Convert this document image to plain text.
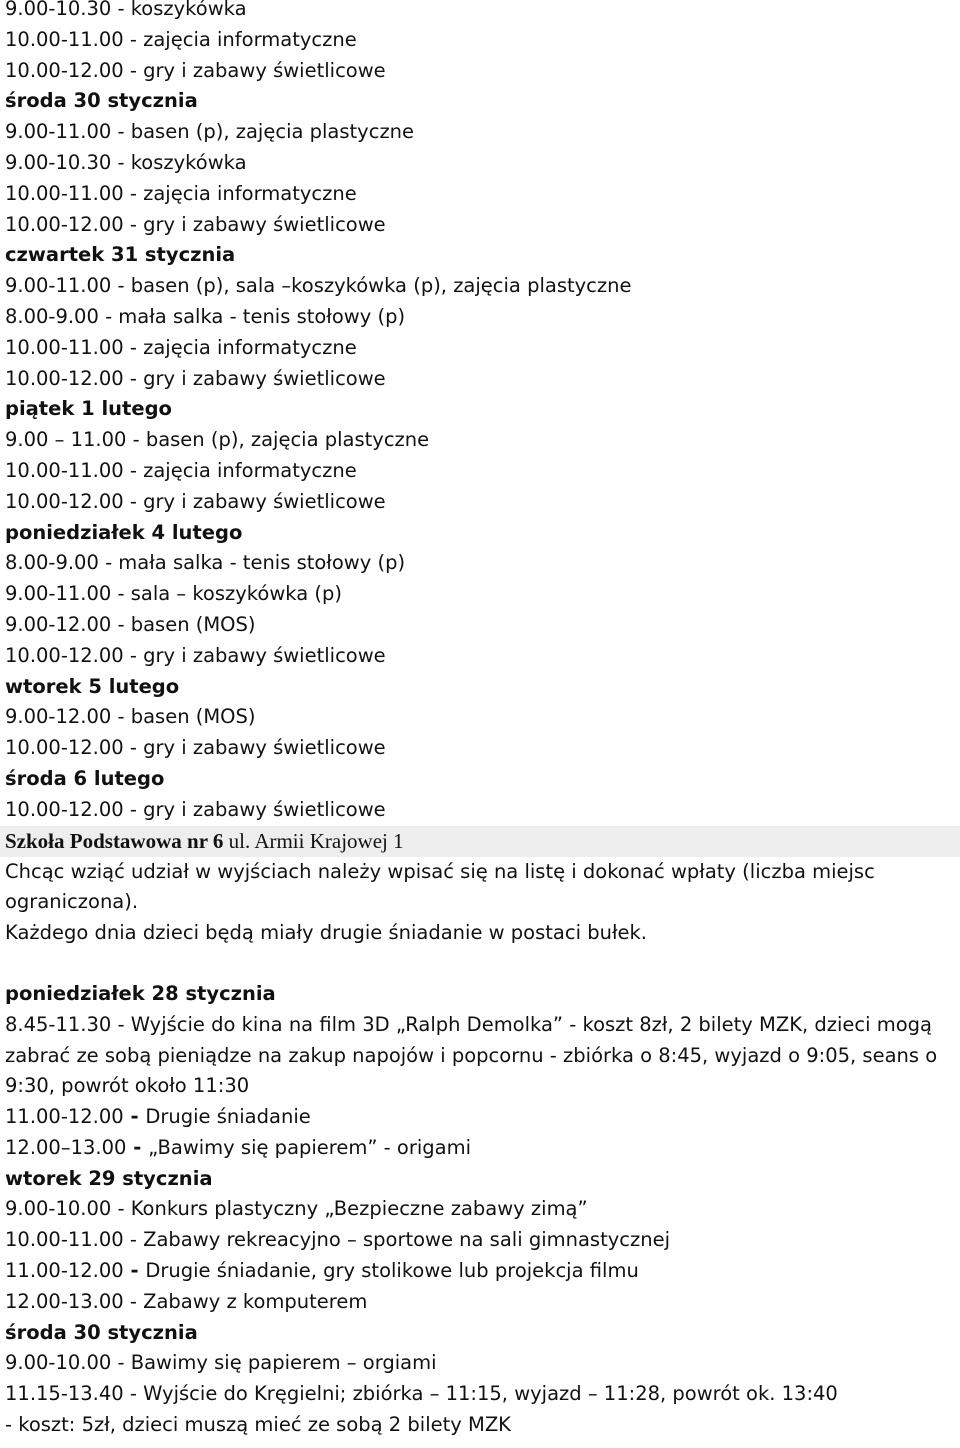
9.00-10.30 - koszykówka
10.00-11.00 - zajęcia informatyczne
10.00-12.00 - gry i zabawy świetlicowe
środa 30 stycznia
9.00-11.00 - basen (p), zajęcia plastyczne
9.00-10.30 - koszykówka
10.00-11.00 - zajęcia informatyczne
10.00-12.00 - gry i zabawy świetlicowe
czwartek 31 stycznia
9.00-11.00 - basen (p), sala –koszykówka (p), zajęcia plastyczne
8.00-9.00 - mała salka - tenis stołowy (p)
10.00-11.00 - zajęcia informatyczne
10.00-12.00 - gry i zabawy świetlicowe
piątek 1 lutego
9.00 – 11.00 - basen (p), zajęcia plastyczne
10.00-11.00 - zajęcia informatyczne
10.00-12.00 - gry i zabawy świetlicowe
poniedziałek 4 lutego
8.00-9.00 - mała salka - tenis stołowy (p)
9.00-11.00 - sala – koszykówka (p)
9.00-12.00 - basen (MOS)
10.00-12.00 - gry i zabawy świetlicowe
wtorek 5 lutego
9.00-12.00 - basen (MOS)
10.00-12.00 - gry i zabawy świetlicowe
środa 6 lutego
10.00-12.00 - gry i zabawy świetlicowe
Szkoła Podstawowa nr 6 ul. Armii Krajowej 1
Chcąc wziąć udział w wyjściach należy wpisać się na listę i dokonać wpłaty (liczba miejsc ograniczona).
Każdego dnia dzieci będą miały drugie śniadanie w postaci bułek.
poniedziałek 28 stycznia
8.45-11.30 - Wyjście do kina na film 3D „Ralph Demolka” - koszt 8zł, 2 bilety MZK, dzieci mogą zabrać ze sobą pieniądze na zakup napojów i popcornu - zbiórka o 8:45, wyjazd o 9:05, seans o 9:30, powrót około 11:30
11.00-12.00 - Drugie śniadanie
12.00–13.00 - „Bawimy się papierem” - origami
wtorek 29 stycznia
9.00-10.00 - Konkurs plastyczny „Bezpieczne zabawy zimą”
10.00-11.00 - Zabawy rekreacyjno – sportowe na sali gimnastycznej
11.00-12.00 - Drugie śniadanie, gry stolikowe lub projekcja filmu
12.00-13.00 - Zabawy z komputerem
środa 30 stycznia
9.00-10.00 - Bawimy się papierem – orgiami
11.15-13.40 - Wyjście do Kręgielni; zbiórka – 11:15, wyjazd – 11:28, powrót ok. 13:40
- koszt: 5zł, dzieci muszą mieć ze sobą 2 bilety MZK
